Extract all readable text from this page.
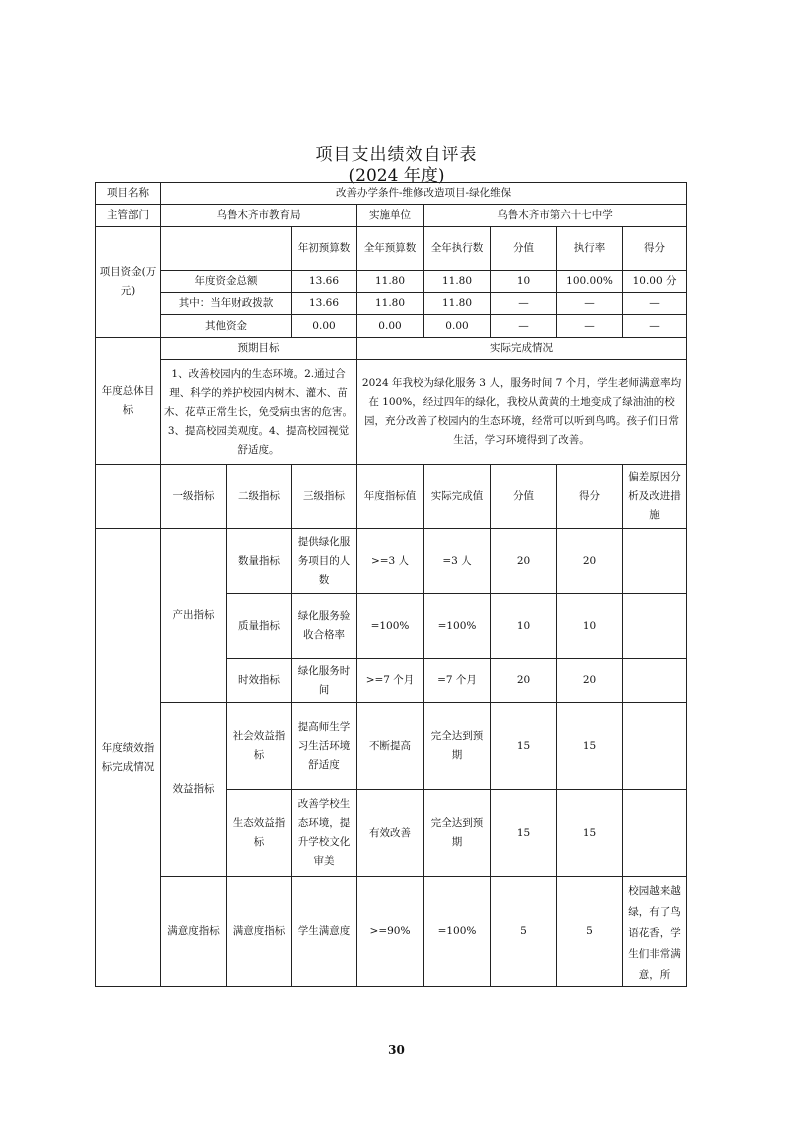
项目支出绩效自评表
(2024 年度)
项目名称	改善办学条件-维修改造项目-绿化维保							
主管部门	乌鲁木齐市教育局			实施单位	乌鲁木齐市第六十七中学			
项目资金(万元)			年初预算数	全年预算数	全年执行数	分值	执行率	得分
	年度资金总额		13.66	11.80	11.80	10	100.00%	10.00 分
	其中：当年财政拨款		13.66	11.80	11.80	—	—	—
	其他资金		0.00	0.00	0.00	—	—	—
年度总体目标	预期目标			实际完成情况				
	1、改善校园内的生态环境。2.通过合理、科学的养护校园内树木、灌木、苗木、花草正常生长，免受病虫害的危害。3、提高校园美观度。4、提高校园视觉舒适度。			2024 年我校为绿化服务 3 人，服务时间 7 个月，学生老师满意率均在 100%，经过四年的绿化，我校从黄黄的土地变成了绿油油的校园，充分改善了校园内的生态环境，经常可以听到鸟鸣。孩子们日常生活，学习环境得到了改善。				
	一级指标	二级指标	三级指标	年度指标值	实际完成值	分值	得分	偏差原因分析及改进措施
年度绩效指标完成情况	产出指标	数量指标	提供绿化服务项目的人数	>=3 人	=3 人	20	20	
		质量指标	绿化服务验收合格率	=100%	=100%	10	10	
		时效指标	绿化服务时间	>=7 个月	=7 个月	20	20	
	效益指标	社会效益指标	提高师生学习生活环境舒适度	不断提高	完全达到预期	15	15	
		生态效益指标	改善学校生态环境，提升学校文化审美	有效改善	完全达到预期	15	15	
	满意度指标	满意度指标	学生满意度	>=90%	=100%	5	5	校园越来越绿，有了鸟语花香，学生们非常满意，所
30
